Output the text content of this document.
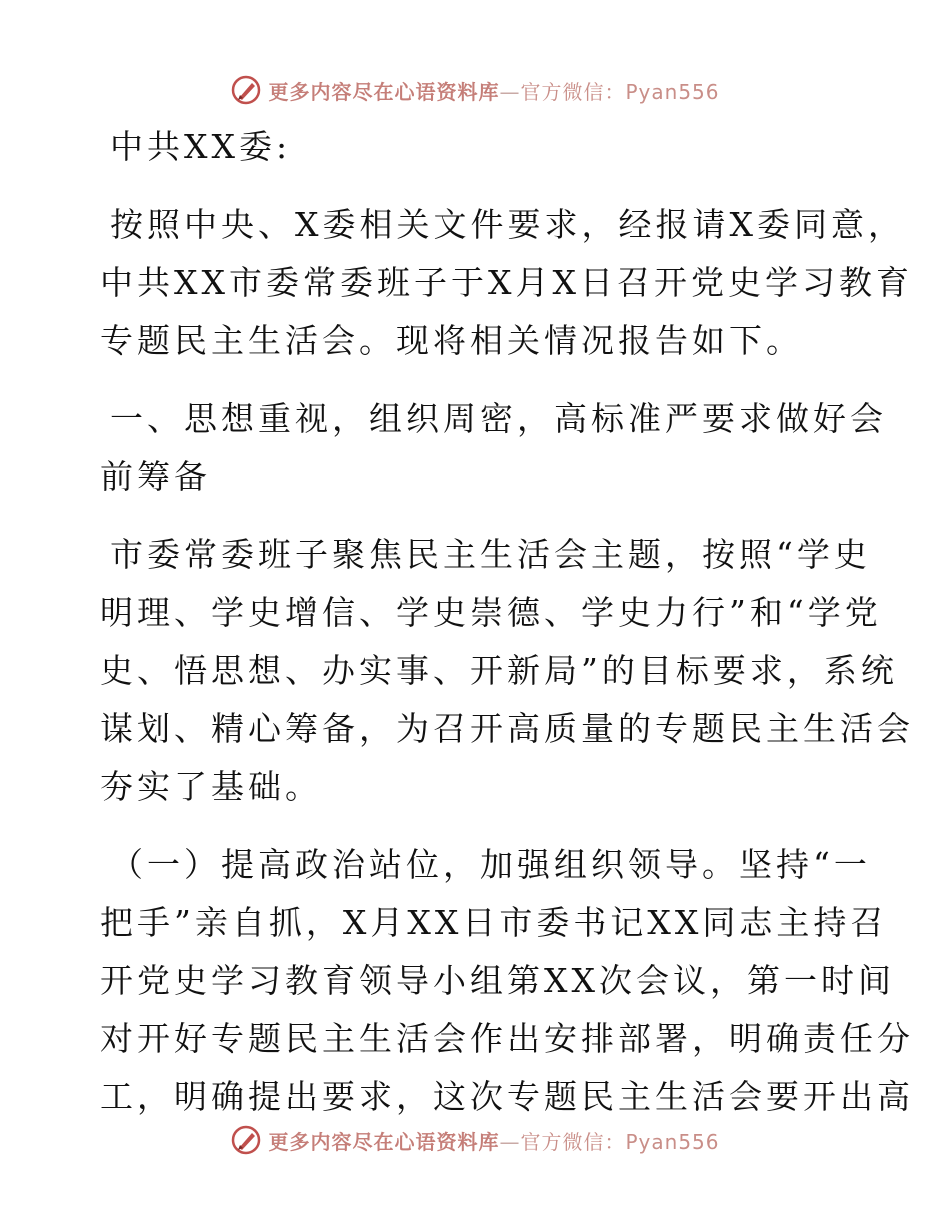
更多内容尽在心语资料库—官方微信：Pyan556
中共XX委:
按照中央、X委相关文件要求，经报请X委同意，
中共XX市委常委班子于X月X日召开党史学习教育
专题民主生活会。现将相关情况报告如下。
一、思想重视，组织周密，高标准严要求做好会
前筹备
市委常委班子聚焦民主生活会主题，按照“学史
明理、学史增信、学史崇德、学史力行”和“学党
史、悟思想、办实事、开新局”的目标要求，系统
谋划、精心筹备，为召开高质量的专题民主生活会
夯实了基础。
（一）提高政治站位，加强组织领导。坚持“一
把手”亲自抓，X月XX日市委书记XX同志主持召
开党史学习教育领导小组第XX次会议，第一时间
对开好专题民主生活会作出安排部署，明确责任分
工，明确提出要求，这次专题民主生活会要开出高
更多内容尽在心语资料库—官方微信：Pyan556
